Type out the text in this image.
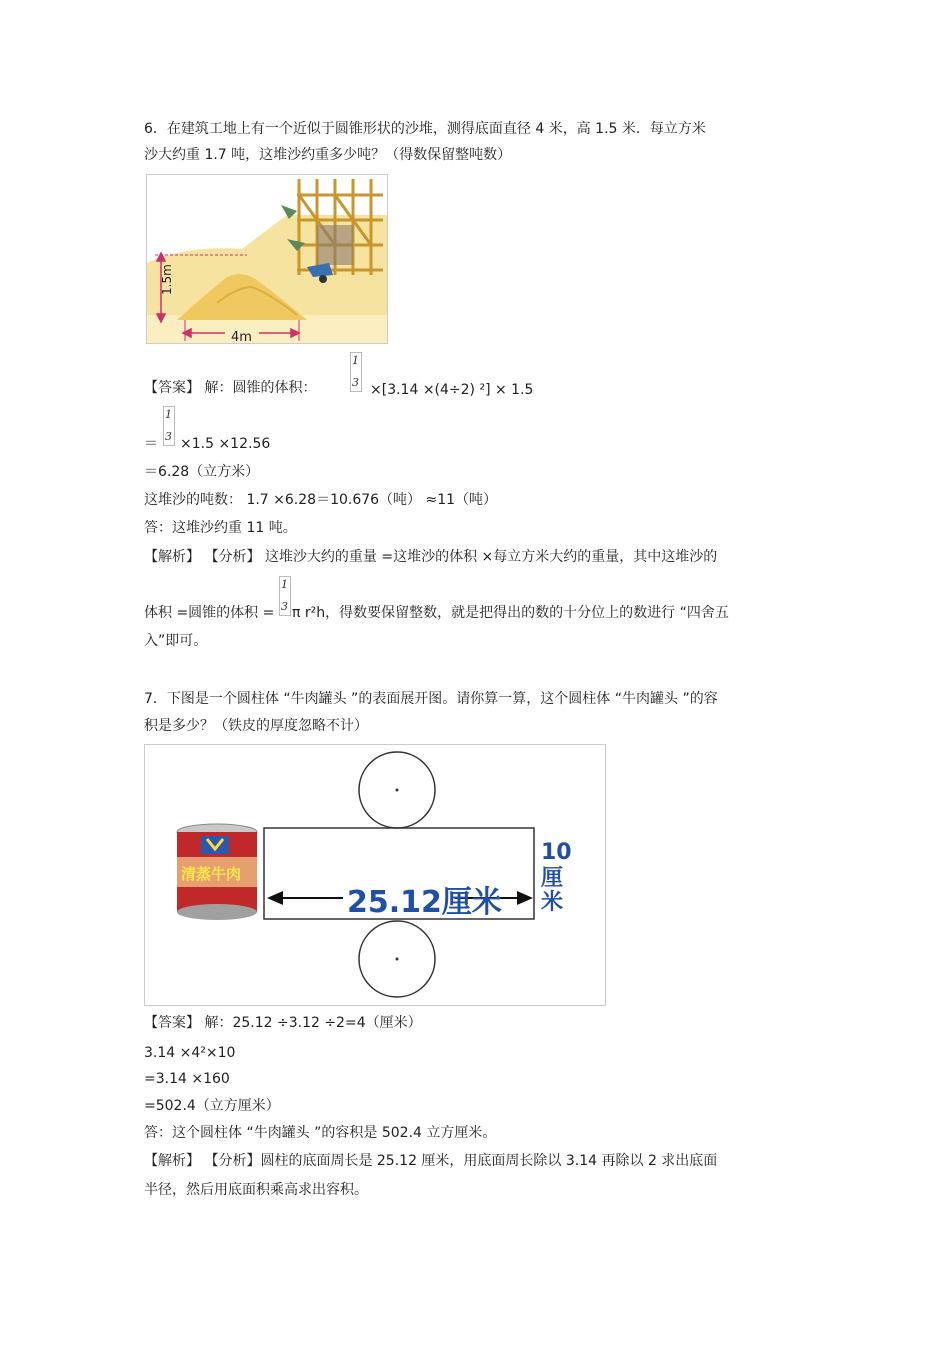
6．在建筑工地上有一个近似于圆锥形状的沙堆，测得底面直径 4 米，高 1.5 米．每立方米
沙大约重 1.7 吨，这堆沙约重多少吨？（得数保留整吨数）
1.5m
4m
【答案】 解：圆锥的体积：
1
3 ×[3.14 ×(4÷2) ²] × 1.5
＝
1
3 ×1.5 ×12.56
＝6.28（立方米）
这堆沙的吨数： 1.7 ×6.28＝10.676（吨） ≈11（吨）
答：这堆沙约重 11 吨。
【解析】 【分析】 这堆沙大约的重量 =这堆沙的体积 ×每立方米大约的重量，其中这堆沙的
体积 =圆锥的体积 =
1
3 π r²h，得数要保留整数，就是把得出的数的十分位上的数进行 “四舍五
入”即可。
7．下图是一个圆柱体 “牛肉罐头 ”的表面展开图。请你算一算，这个圆柱体 “牛肉罐头 ”的容
积是多少？（铁皮的厚度忽略不计）
25.12厘米
10
厘
米
清蒸牛肉
【答案】 解：25.12 ÷3.12 ÷2=4（厘米）
3.14 ×4²×10
=3.14 ×160
=502.4（立方厘米）
答：这个圆柱体 “牛肉罐头 ”的容积是 502.4 立方厘米。
【解析】 【分析】圆柱的底面周长是 25.12 厘米，用底面周长除以 3.14 再除以 2 求出底面
半径，然后用底面积乘高求出容积。
